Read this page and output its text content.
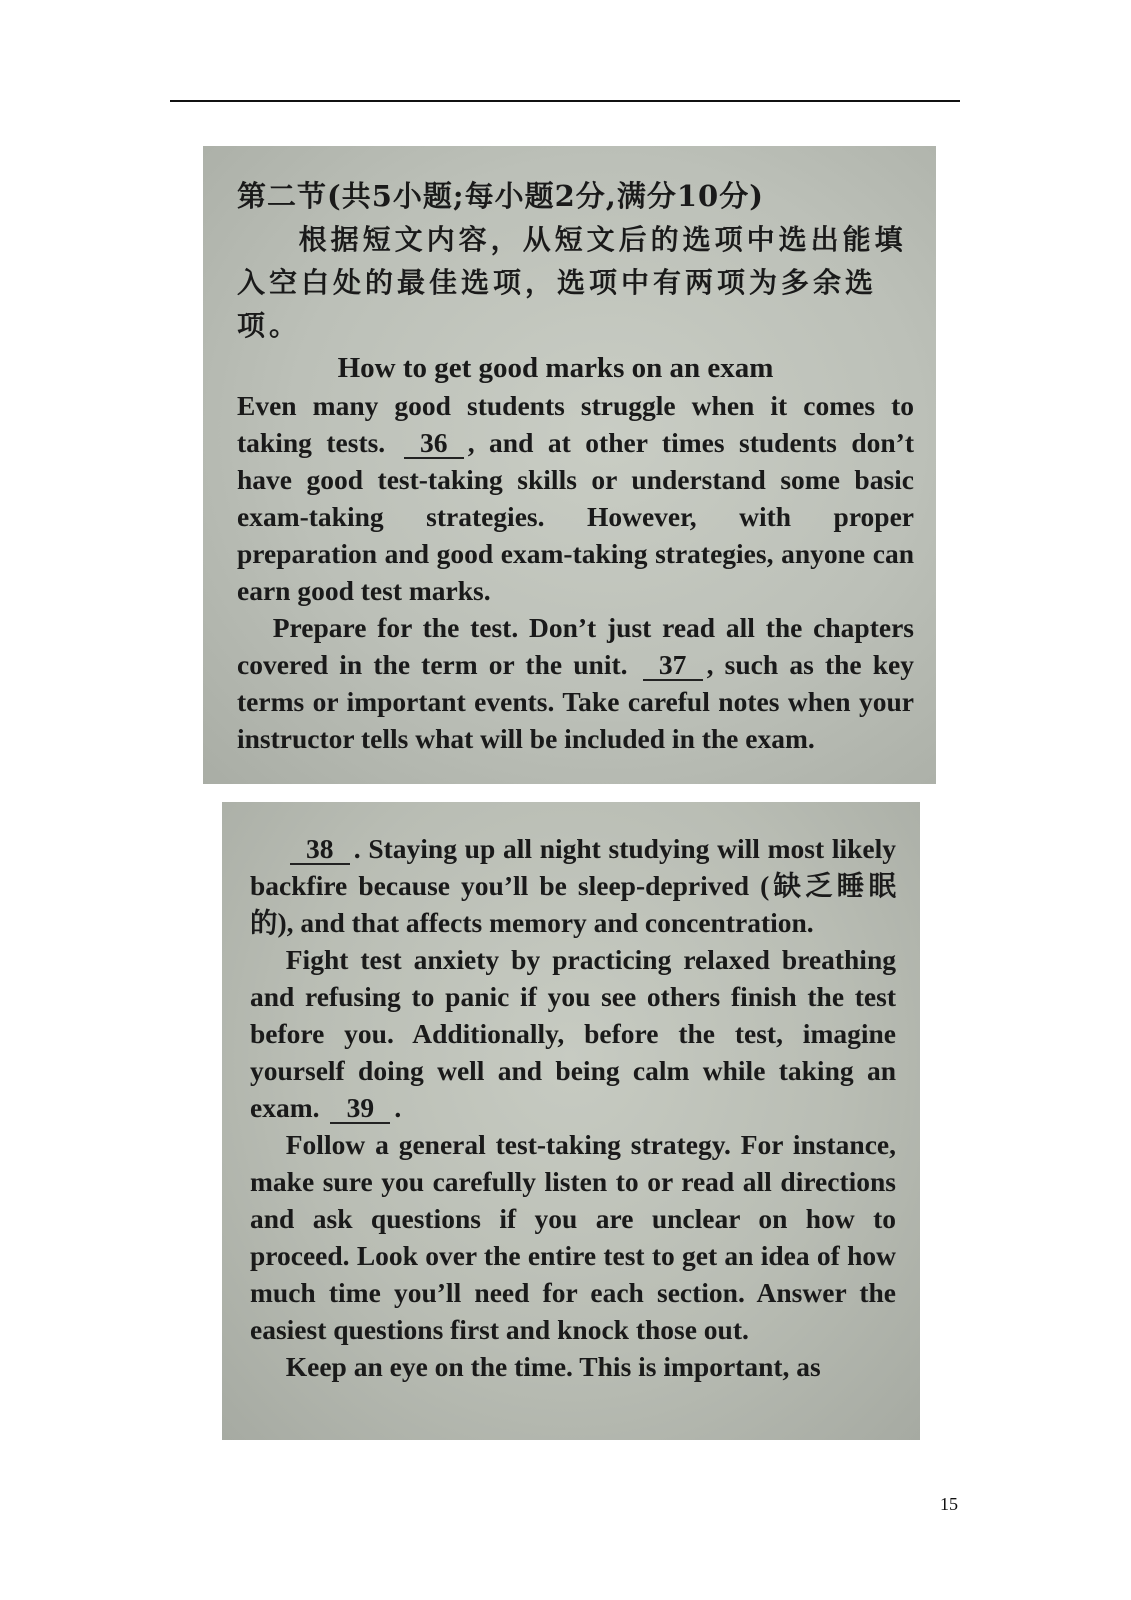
第二节(共5小题;每小题2分,满分10分)

根据短文内容，从短文后的选项中选出能填入空白处的最佳选项，选项中有两项为多余选项。

How to get good marks on an exam

Even many good students struggle when it comes to taking tests. 36 , and at other times students don’t have good test-taking skills or understand some basic exam-taking strategies. However, with proper preparation and good exam-taking strategies, anyone can earn good test marks.

Prepare for the test. Don’t just read all the chapters covered in the term or the unit. 37 , such as the key terms or important events. Take careful notes when your instructor tells what will be included in the exam.

38 . Staying up all night studying will most likely backfire because you’ll be sleep-deprived (缺乏睡眠的), and that affects memory and concentration.

Fight test anxiety by practicing relaxed breathing and refusing to panic if you see others finish the test before you. Additionally, before the test, imagine yourself doing well and being calm while taking an exam. 39 .

Follow a general test-taking strategy. For instance, make sure you carefully listen to or read all directions and ask questions if you are unclear on how to proceed. Look over the entire test to get an idea of how much time you’ll need for each section. Answer the easiest questions first and knock those out.

Keep an eye on the time. This is important, as

15
